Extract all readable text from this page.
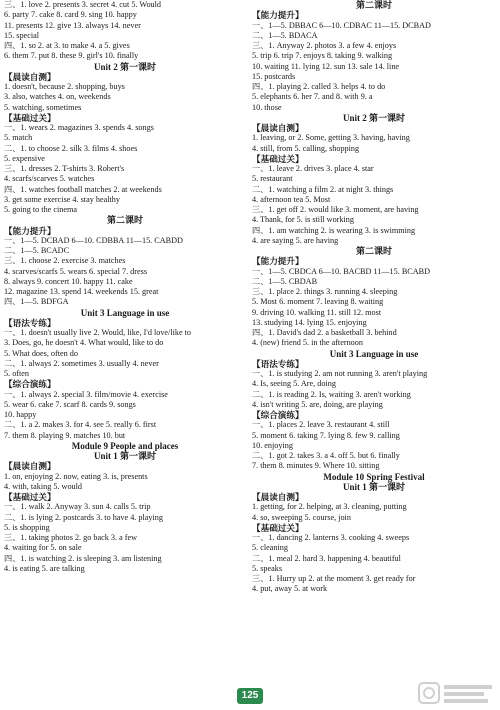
三、1. love 2. presents 3. secret 4. cut 5. Would
6. party 7. cake 8. card 9. sing 10. happy
11. presents 12. give 13. always 14. never
15. special
四、1. so 2. at 3. to make 4. a 5. gives
6. them 7. put 8. these 9. girl's 10. finally
Unit 2 第一课时
【晨读自测】
1. doesn't, because 2. shopping, buys
3. also, watches 4. on, weekends
5. watching, sometimes
【基础过关】
一、1. wears 2. magazines 3. spends 4. songs
5. match
二、1. to choose 2. silk 3. films 4. shoes
5. expensive
三、1. dresses 2. T-shirts 3. Robert's
4. scarfs/scarves 5. watches
四、1. watches football matches 2. at weekends
3. get some exercise 4. stay healthy
5. going to the cinema
第二课时
【能力提升】
一、1—5. DCBAD 6—10. CDBBA 11—15. CABDD
二、1—5. BCADC
三、1. choose 2. exercise 3. matches
4. scarves/scarfs 5. wears 6. special 7. dress
8. always 9. concert 10. happy 11. cake
12. magazine 13. spend 14. weekends 15. great
四、1—5. BDFGA
Unit 3 Language in use
【语法专练】
一、1. doesn't usually live 2. Would, like, I'd love/like to
3. Does, go, he doesn't 4. What would, like to do
5. What does, often do
二、1. always 2. sometimes 3. usually 4. never
5. often
【综合演练】
一、1. always 2. special 3. film/movie 4. exercise
5. wear 6. cake 7. scarf 8. cards 9. songs
10. happy
二、1. a 2. makes 3. for 4. see 5. really 6. first
7. them 8. playing 9. matches 10. but
Module 9 People and places
Unit 1 第一课时
【晨读自测】
1. on, enjoying 2. now, eating 3. is, presents
4. with, taking 5. would
【基础过关】
一、1. walk 2. Anyway 3. sun 4. calls 5. trip
二、1. is lying 2. postcards 3. to have 4. playing
5. is shopping
三、1. taking photos 2. go back 3. a few
4. waiting for 5. on sale
四、1. is watching 2. is sleeping 3. am listening
4. is eating 5. are talking
第二课时
【能力提升】
一、1—5. DBBAC 6—10. CDBAC 11—15. DCBAD
二、1—5. BDACA
三、1. Anyway 2. photos 3. a few 4. enjoys
5. trip 6. trip 7. enjoys 8. taking 9. walking
10. waiting 11. lying 12. sun 13. sale 14. line
15. postcards
四、1. playing 2. called 3. helps 4. to do
5. elephants 6. her 7. and 8. with 9. a
10. those
Unit 2 第一课时
【晨读自测】
1. leaving, or 2. Some, getting 3. having, having
4. still, from 5. calling, shopping
【基础过关】
一、1. leave 2. drives 3. place 4. star
5. restaurant
二、1. watching a film 2. at night 3. things
4. afternoon tea 5. Most
三、1. get off 2. would like 3. moment, are having
4. Thank, for 5. is still working
四、1. am watching 2. is wearing 3. is swimming
4. are saying 5. are having
第二课时
【能力提升】
一、1—5. CBDCA 6—10. BACBD 11—15. BCABD
二、1—5. CBDAB
三、1. place 2. things 3. running 4. sleeping
5. Most 6. moment 7. leaving 8. waiting
9. driving 10. walking 11. still 12. most
13. studying 14. lying 15. enjoying
四、1. David's dad 2. a basketball 3. behind
4. (new) friend 5. in the afternoon
Unit 3 Language in use
【语法专练】
一、1. is studying 2. am not running 3. aren't playing
4. Is, seeing 5. Are, doing
二、1. is reading 2. Is, waiting 3. aren't working
4. isn't writing 5. are, doing, are playing
【综合演练】
一、1. places 2. leave 3. restaurant 4. still
5. moment 6. taking 7. lying 8. few 9. calling
10. enjoying
二、1. got 2. takes 3. a 4. off 5. but 6. finally
7. them 8. minutes 9. Where 10. sitting
Module 10 Spring Festival
Unit 1 第一课时
【晨读自测】
1. getting, for 2. helping, at 3. cleaning, putting
4. so, sweeping 5. course, join
【基础过关】
一、1. dancing 2. lanterns 3. cooking 4. sweeps
5. cleaning
二、1. meal 2. hard 3. happening 4. beautiful
5. speaks
三、1. Hurry up 2. at the moment 3. get ready for
4. put, away 5. at work
125
